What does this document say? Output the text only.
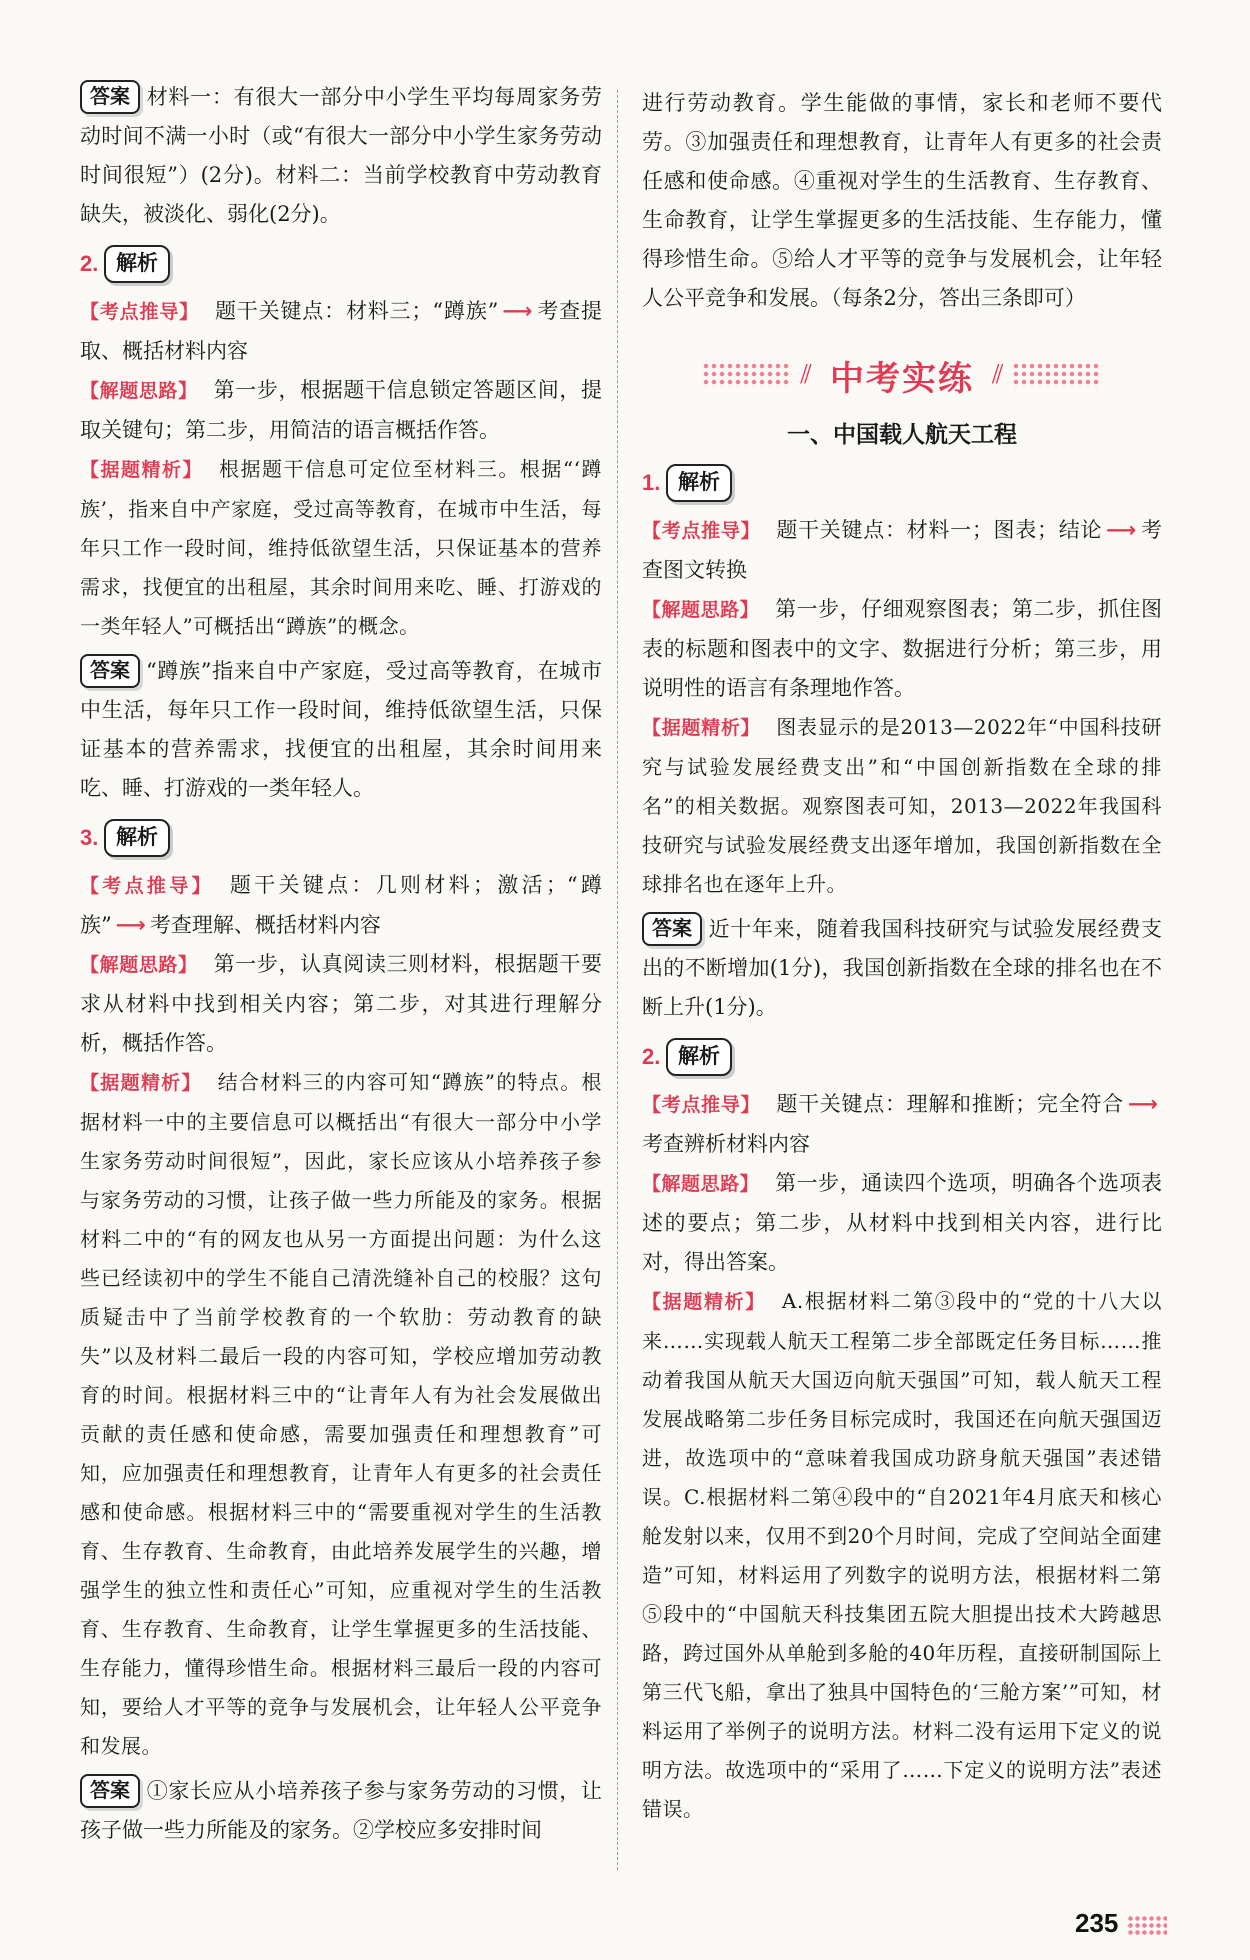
答案 材料一：有很大一部分中小学生平均每周家务劳动时间不满一小时（或“有很大一部分中小学生家务劳动时间很短”）(2分)。材料二：当前学校教育中劳动教育缺失，被淡化、弱化(2分)。

2. 解析

【考点推导】 题干关键点：材料三；“蹲族” ⟶ 考查提取、概括材料内容

【解题思路】 第一步，根据题干信息锁定答题区间，提取关键句；第二步，用简洁的语言概括作答。

【据题精析】 根据题干信息可定位至材料三。根据“‘蹲族’，指来自中产家庭，受过高等教育，在城市中生活，每年只工作一段时间，维持低欲望生活，只保证基本的营养需求，找便宜的出租屋，其余时间用来吃、睡、打游戏的一类年轻人”可概括出“蹲族”的概念。

答案 “蹲族”指来自中产家庭，受过高等教育，在城市中生活，每年只工作一段时间，维持低欲望生活，只保证基本的营养需求，找便宜的出租屋，其余时间用来吃、睡、打游戏的一类年轻人。

3. 解析

【考点推导】 题干关键点：几则材料；激活；“蹲族” ⟶ 考查理解、概括材料内容

【解题思路】 第一步，认真阅读三则材料，根据题干要求从材料中找到相关内容；第二步，对其进行理解分析，概括作答。

【据题精析】 结合材料三的内容可知“蹲族”的特点。根据材料一中的主要信息可以概括出“有很大一部分中小学生家务劳动时间很短”，因此，家长应该从小培养孩子参与家务劳动的习惯，让孩子做一些力所能及的家务。根据材料二中的“有的网友也从另一方面提出问题：为什么这些已经读初中的学生不能自己清洗缝补自己的校服？这句质疑击中了当前学校教育的一个软肋：劳动教育的缺失”以及材料二最后一段的内容可知，学校应增加劳动教育的时间。根据材料三中的“让青年人有为社会发展做出贡献的责任感和使命感，需要加强责任和理想教育”可知，应加强责任和理想教育，让青年人有更多的社会责任感和使命感。根据材料三中的“需要重视对学生的生活教育、生存教育、生命教育，由此培养发展学生的兴趣，增强学生的独立性和责任心”可知，应重视对学生的生活教育、生存教育、生命教育，让学生掌握更多的生活技能、生存能力，懂得珍惜生命。根据材料三最后一段的内容可知，要给人才平等的竞争与发展机会，让年轻人公平竞争和发展。

答案 ①家长应从小培养孩子参与家务劳动的习惯，让孩子做一些力所能及的家务。②学校应多安排时间

进行劳动教育。学生能做的事情，家长和老师不要代劳。③加强责任和理想教育，让青年人有更多的社会责任感和使命感。④重视对学生的生活教育、生存教育、生命教育，让学生掌握更多的生活技能、生存能力，懂得珍惜生命。⑤给人才平等的竞争与发展机会，让年轻人公平竞争和发展。（每条2分，答出三条即可）

⫽ 中考实练 ⫽
一、中国载人航天工程
1. 解析

【考点推导】 题干关键点：材料一；图表；结论 ⟶ 考查图文转换

【解题思路】 第一步，仔细观察图表；第二步，抓住图表的标题和图表中的文字、数据进行分析；第三步，用说明性的语言有条理地作答。

【据题精析】 图表显示的是2013—2022年“中国科技研究与试验发展经费支出”和“中国创新指数在全球的排名”的相关数据。观察图表可知，2013—2022年我国科技研究与试验发展经费支出逐年增加，我国创新指数在全球排名也在逐年上升。

答案 近十年来，随着我国科技研究与试验发展经费支出的不断增加(1分)，我国创新指数在全球的排名也在不断上升(1分)。

2. 解析

【考点推导】 题干关键点：理解和推断；完全符合 ⟶考查辨析材料内容

【解题思路】 第一步，通读四个选项，明确各个选项表述的要点；第二步，从材料中找到相关内容，进行比对，得出答案。

【据题精析】 A.根据材料二第③段中的“党的十八大以来……实现载人航天工程第二步全部既定任务目标……推动着我国从航天大国迈向航天强国”可知，载人航天工程发展战略第二步任务目标完成时，我国还在向航天强国迈进，故选项中的“意味着我国成功跻身航天强国”表述错误。C.根据材料二第④段中的“自2021年4月底天和核心舱发射以来，仅用不到20个月时间，完成了空间站全面建造”可知，材料运用了列数字的说明方法，根据材料二第⑤段中的“中国航天科技集团五院大胆提出技术大跨越思路，跨过国外从单舱到多舱的40年历程，直接研制国际上第三代飞船，拿出了独具中国特色的‘三舱方案’”可知，材料运用了举例子的说明方法。材料二没有运用下定义的说明方法。故选项中的“采用了……下定义的说明方法”表述错误。

235
